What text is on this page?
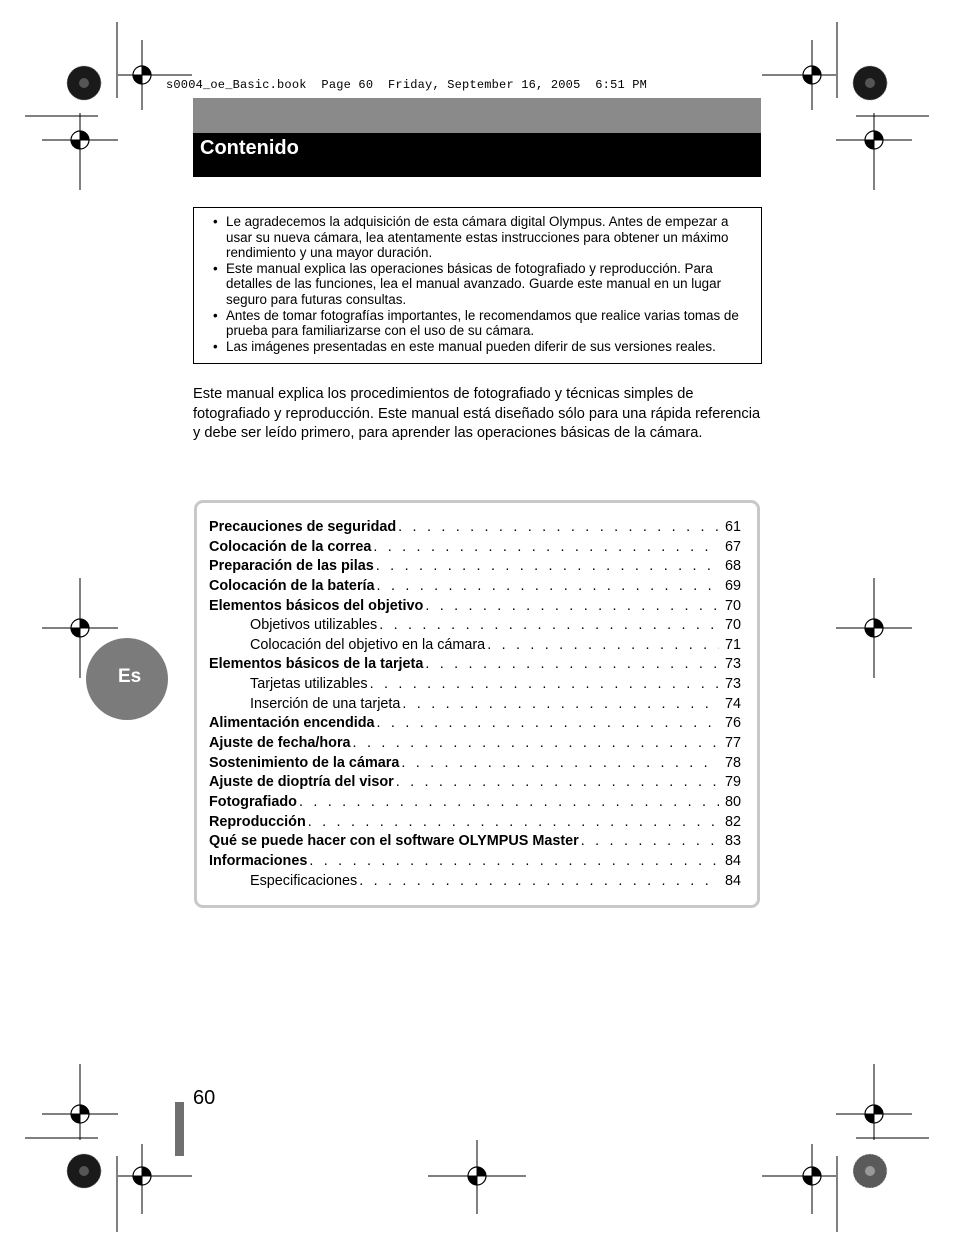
s0004_oe_Basic.book  Page 60  Friday, September 16, 2005  6:51 PM
Contenido
• Le agradecemos la adquisición de esta cámara digital Olympus. Antes de empezar a usar su nueva cámara, lea atentamente estas instrucciones para obtener un máximo rendimiento y una mayor duración.
• Este manual explica las operaciones básicas de fotografiado y reproducción. Para detalles de las funciones, lea el manual avanzado. Guarde este manual en un lugar seguro para futuras consultas.
• Antes de tomar fotografías importantes, le recomendamos que realice varias tomas de prueba para familiarizarse con el uso de su cámara.
• Las imágenes presentadas en este manual pueden diferir de sus versiones reales.

Este manual explica los procedimientos de fotografiado y técnicas simples de fotografiado y reproducción. Este manual está diseñado sólo para una rápida referencia y debe ser leído primero, para aprender las operaciones básicas de la cámara.

Precauciones de seguridad . . .	61
Colocación de la correa . . .	67
Preparación de las pilas . . .	68
Colocación de la batería . . .	69
Elementos básicos del objetivo . . .	70
Objetivos utilizables . . .	70
Colocación del objetivo en la cámara . . .	71
Elementos básicos de la tarjeta . . .	73
Tarjetas utilizables . . .	73
Inserción de una tarjeta . . .	74
Alimentación encendida . . .	76
Ajuste de fecha/hora . . .	77
Sostenimiento de la cámara . . .	78
Ajuste de dioptría del visor . . .	79
Fotografiado . . .	80
Reproducción . . .	82
Qué se puede hacer con el software OLYMPUS Master . . .	83
Informaciones . . .	84
Especificaciones . . .	84
Es
60
